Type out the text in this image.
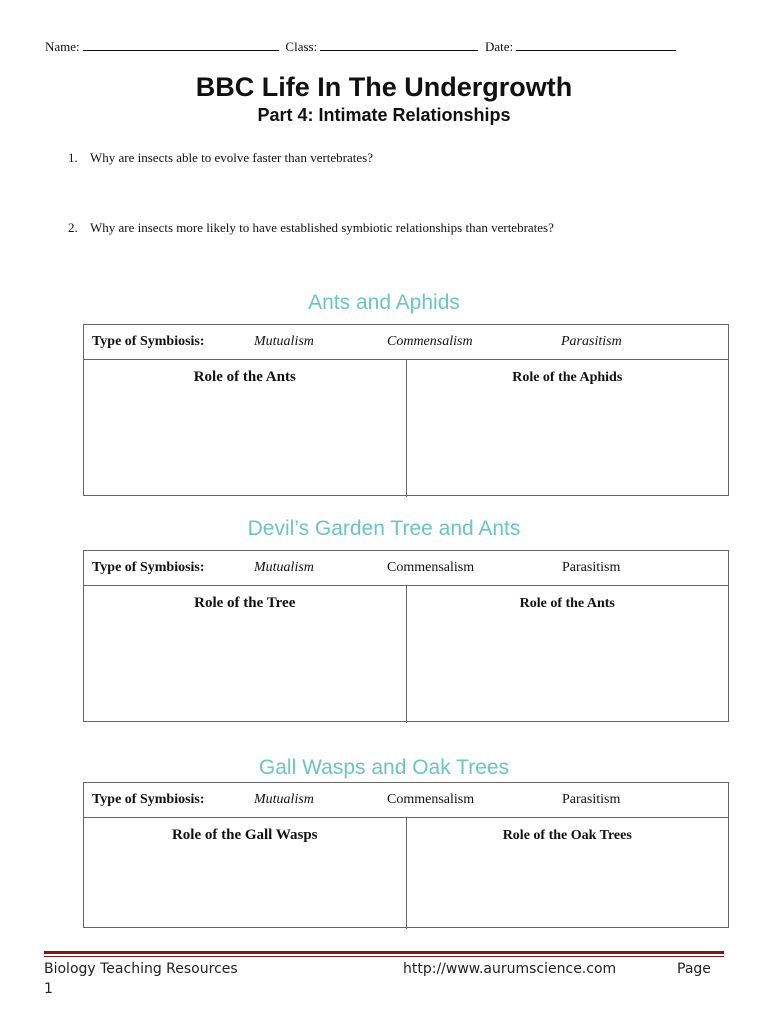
Name:	Class:	Date:
BBC Life In The Undergrowth
Part 4: Intimate Relationships
1. Why are insects able to evolve faster than vertebrates?
2. Why are insects more likely to have established symbiotic relationships than vertebrates?
Ants and Aphids
Type of Symbiosis:	Mutualism	Commensalism	Parasitism
Role of the Ants	Role of the Aphids
Devil’s Garden Tree and Ants
Type of Symbiosis:	Mutualism	Commensalism	Parasitism
Role of the Tree	Role of the Ants
Gall Wasps and Oak Trees
Type of Symbiosis:	Mutualism	Commensalism	Parasitism
Role of the Gall Wasps	Role of the Oak Trees
Biology Teaching Resources	http://www.aurumscience.com	Page
1
